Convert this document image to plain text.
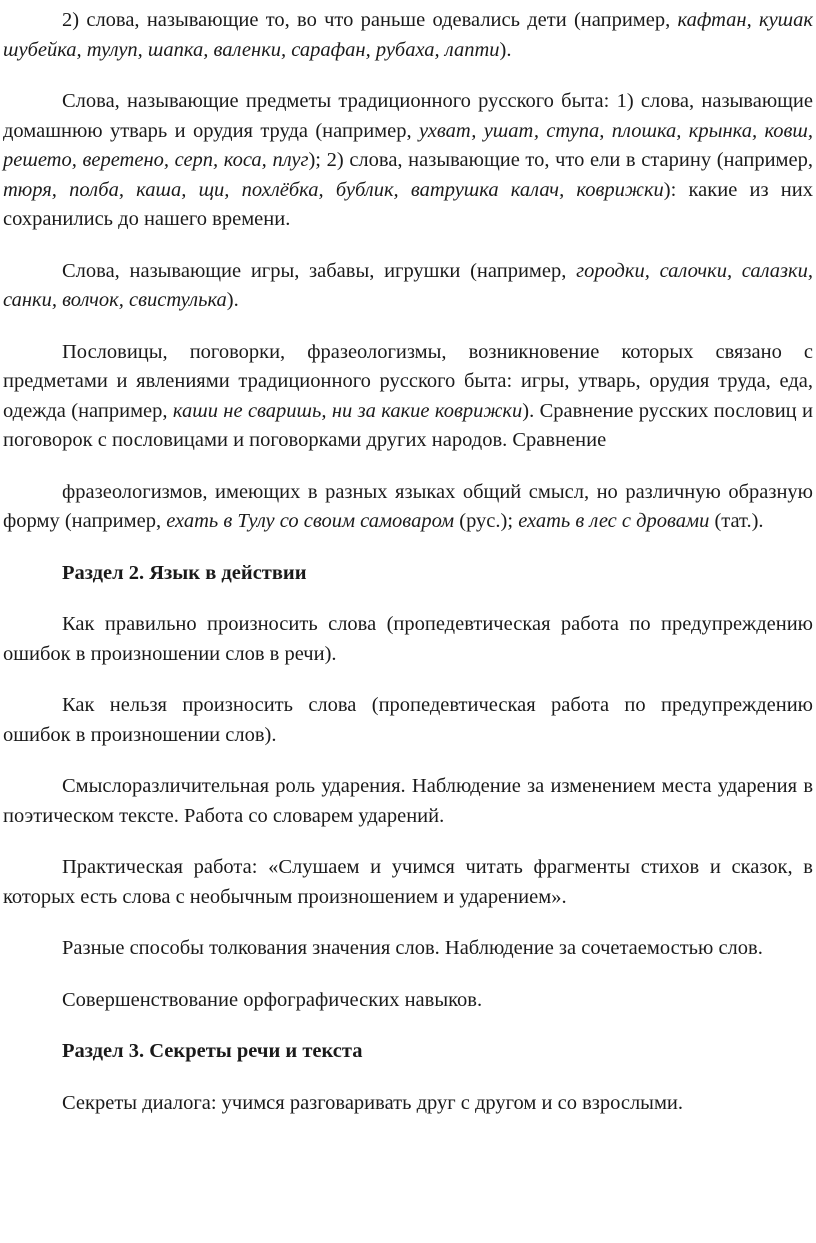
2) слова, называющие то, во что раньше одевались дети (например, кафтан, кушак шубейка, тулуп, шапка, валенки, сарафан, рубаха, лапти).

Слова, называющие предметы традиционного русского быта: 1) слова, называющие домашнюю утварь и орудия труда (например, ухват, ушат, ступа, плошка, крынка, ковш, решето, веретено, серп, коса, плуг); 2) слова, называющие то, что ели в старину (например, тюря, полба, каша, щи, похлёбка, бублик, ватрушка калач, коврижки): какие из них сохранились до нашего времени.

Слова, называющие игры, забавы, игрушки (например, городки, салочки, салазки, санки, волчок, свистулька).

Пословицы, поговорки, фразеологизмы, возникновение которых связано с предметами и явлениями традиционного русского быта: игры, утварь, орудия труда, еда, одежда (например, каши не сваришь, ни за какие коврижки). Сравнение русских пословиц и поговорок с пословицами и поговорками других народов. Сравнение

фразеологизмов, имеющих в разных языках общий смысл, но различную образную форму (например, ехать в Тулу со своим самоваром (рус.); ехать в лес с дровами (тат.).

Раздел 2. Язык в действии

Как правильно произносить слова (пропедевтическая работа по предупреждению ошибок в произношении слов в речи).

Как нельзя произносить слова (пропедевтическая работа по предупреждению ошибок в произношении слов).

Смыслоразличительная роль ударения. Наблюдение за изменением места ударения в поэтическом тексте. Работа со словарем ударений.

Практическая работа: «Слушаем и учимся читать фрагменты стихов и сказок, в которых есть слова с необычным произношением и ударением».

Разные способы толкования значения слов. Наблюдение за сочетаемостью слов.

Совершенствование орфографических навыков.

Раздел 3. Секреты речи и текста

Секреты диалога: учимся разговаривать друг с другом и со взрослыми.
